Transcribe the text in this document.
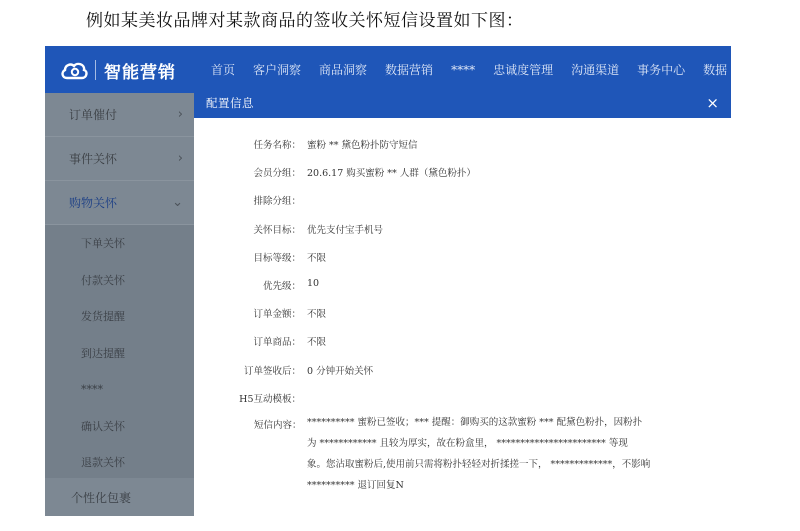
例如某美妆品牌对某款商品的签收关怀短信设置如下图：
智能营销	首页 客户洞察 商品洞察 数据营销 **** 忠诚度管理 沟通渠道 事务中心 数据
订单催付	›
事件关怀	›
购物关怀	⌄
下单关怀
付款关怀
发货提醒
到达提醒
****
确认关怀
退款关怀
个性化包裹
配置信息	×
任务名称： 蜜粉 ** 黛色粉扑防守短信
会员分组： 20.6.17 购买蜜粉 ** 人群（黛色粉扑）
排除分组：
关怀目标： 优先支付宝手机号
目标等级： 不限
优先级： 10
订单金额： 不限
订单商品： 不限
订单签收后： 0 分钟开始关怀
H5互动模板：
短信内容： ********** 蜜粉已签收；*** 提醒：御购买的这款蜜粉 *** 配黛色粉扑，因粉扑
为 ************ 且较为厚实，故在粉盒里， *********************** 等现
象。您沾取蜜粉后,使用前只需将粉扑轻轻对折揉搓一下， *************，不影响
********** 退订回复N
